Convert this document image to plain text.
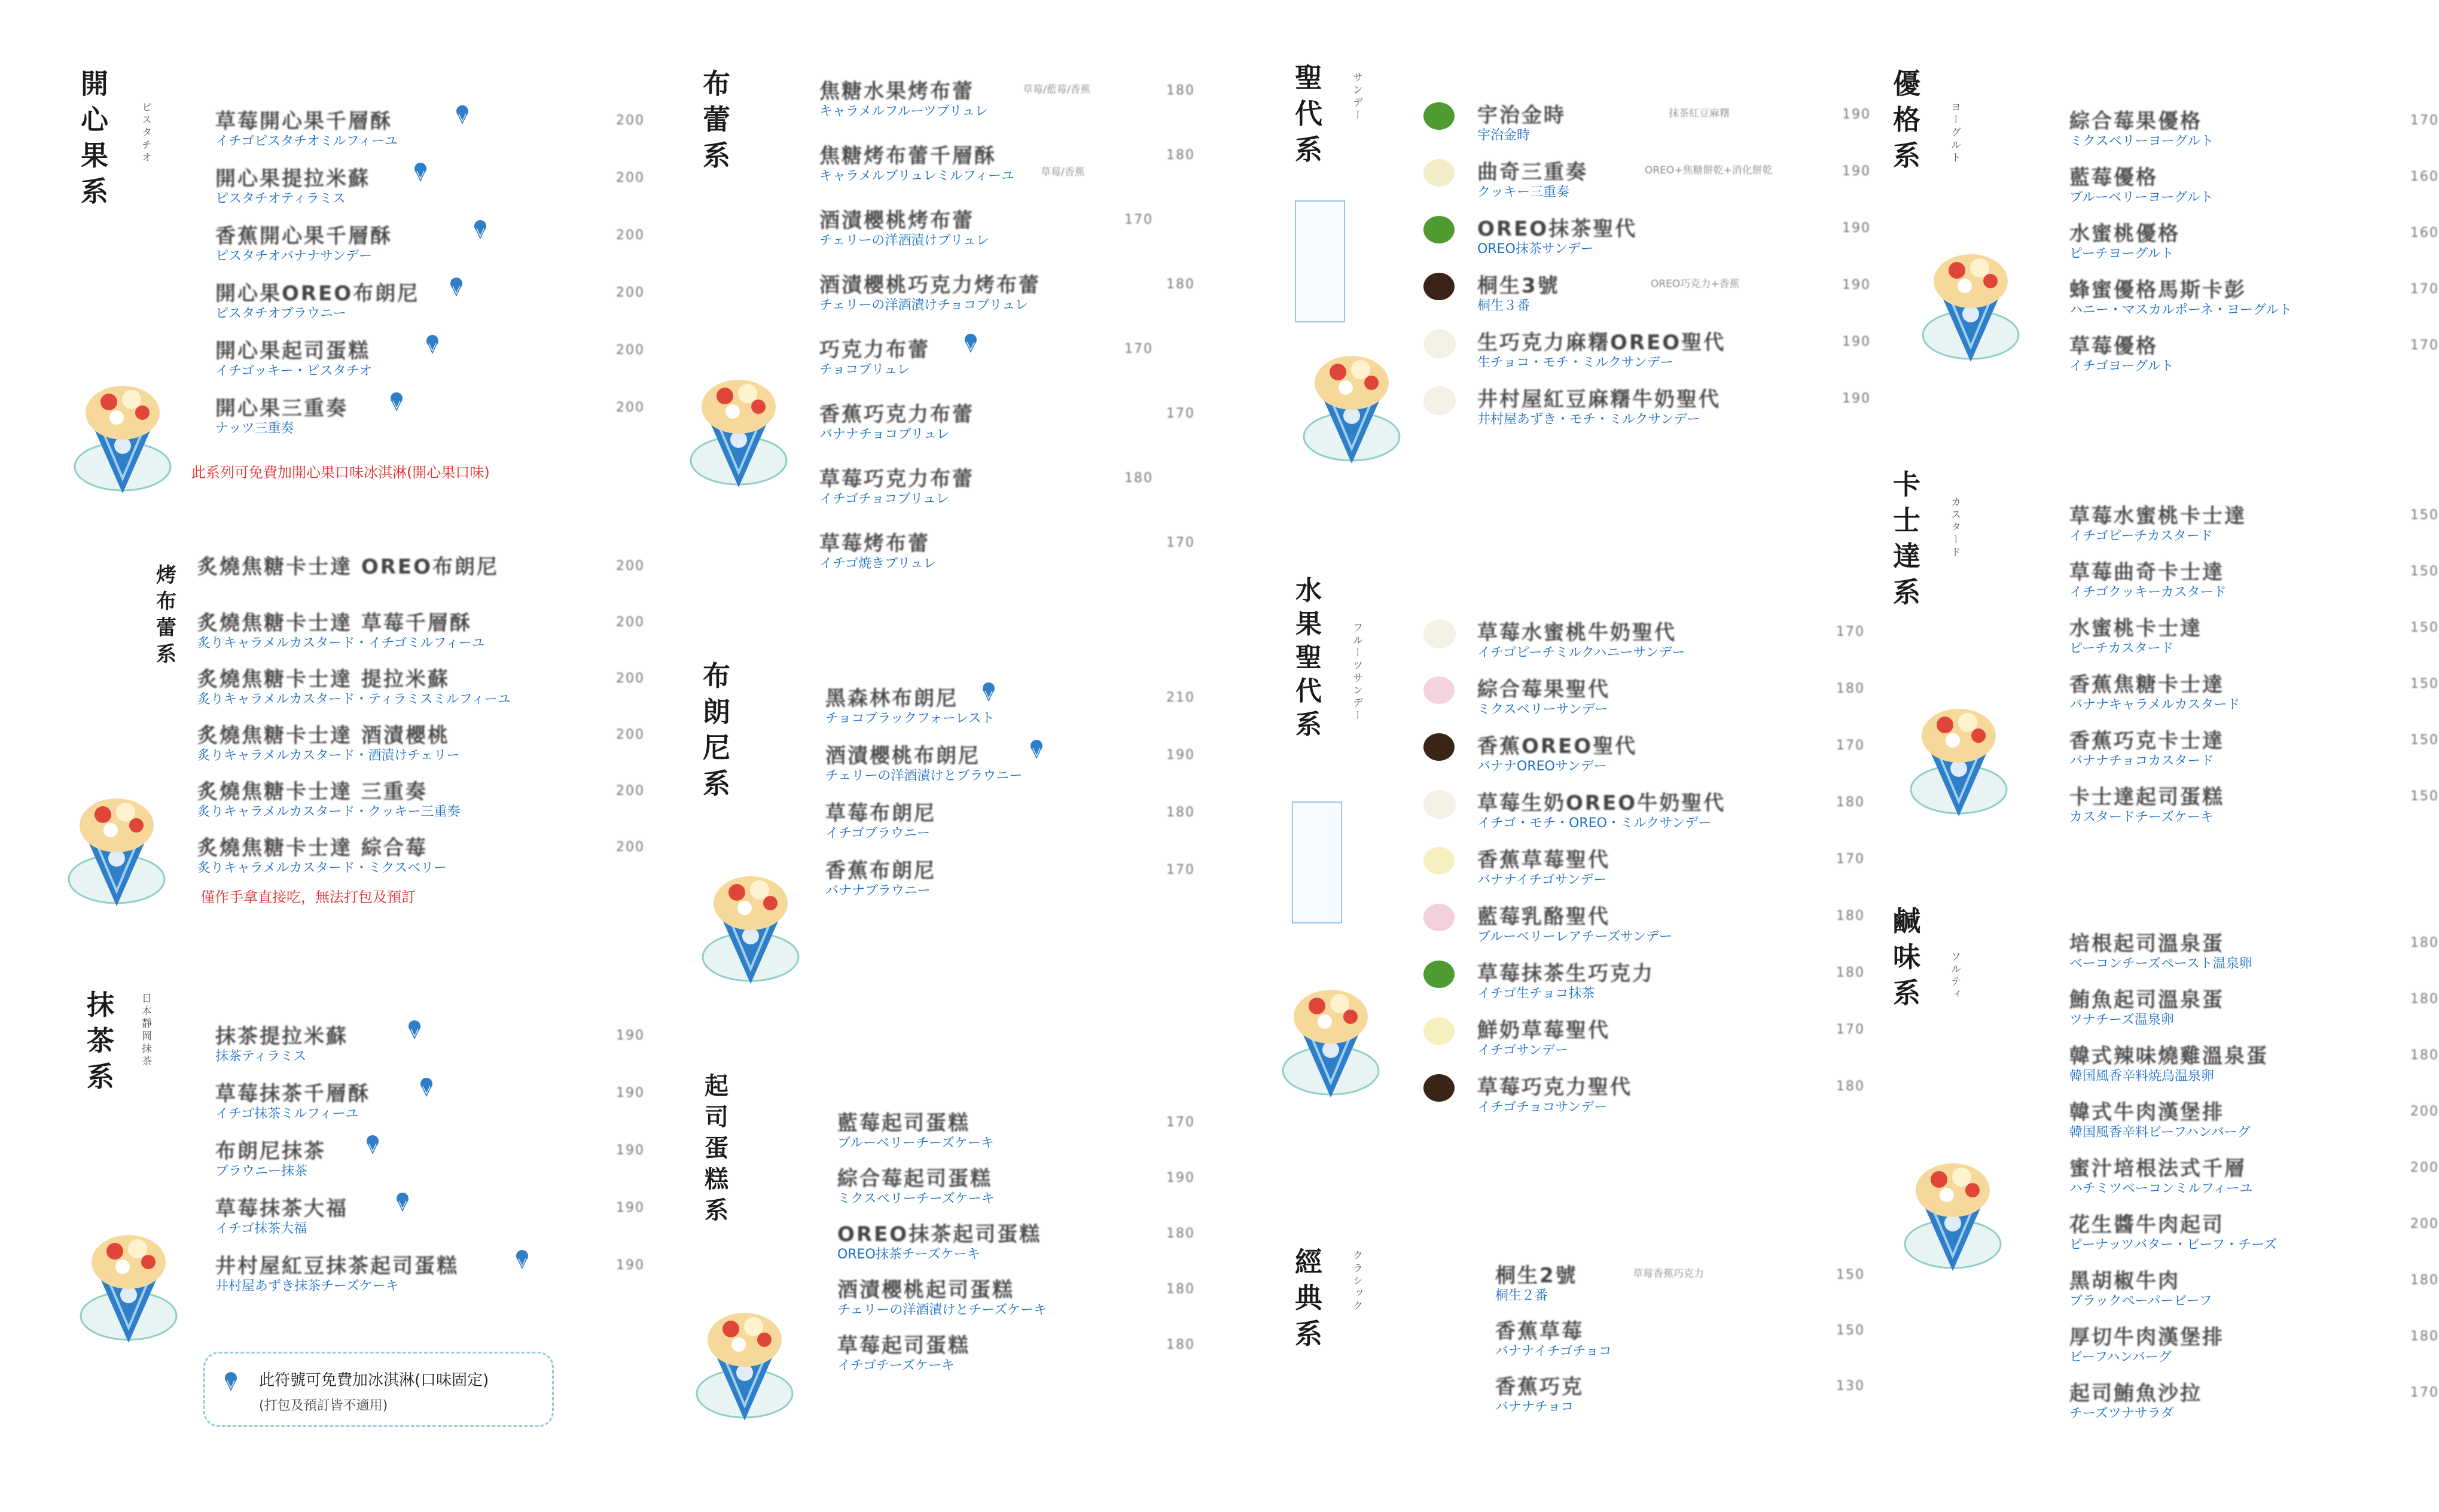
開
心
果
系
ピスタチオ	草莓開心果千層酥
イチゴピスタチオミルフィーユ
200
開心果提拉米蘇
ピスタチオティラミス
200
香蕉開心果千層酥
ピスタチオバナナサンデー
200
開心果OREO布朗尼
ピスタチオブラウニー
200
開心果起司蛋糕
イチゴッキー・ピスタチオ
200
開心果三重奏
ナッツ三重奏
200
此系列可免費加開心果口味冰淇淋(開心果口味)
烤
布
蕾
系
炙燒焦糖卡士達 OREO布朗尼	200
炙燒焦糖卡士達 草莓千層酥
炙りキャラメルカスタード・イチゴミルフィーユ
200
炙燒焦糖卡士達 提拉米蘇
炙りキャラメルカスタード・ティラミスミルフィーユ
200
炙燒焦糖卡士達 酒漬櫻桃
炙りキャラメルカスタード・酒漬けチェリー
200
炙燒焦糖卡士達 三重奏
炙りキャラメルカスタード・クッキー三重奏
200
炙燒焦糖卡士達 綜合莓
炙りキャラメルカスタード・ミクスベリー
200
僅作手拿直接吃，無法打包及預訂
抹
茶
系
日本靜岡抹茶	抹茶提拉米蘇
抹茶ティラミス
190
草莓抹茶千層酥
イチゴ抹茶ミルフィーユ
190
布朗尼抹茶
ブラウニー抹茶
190
草莓抹茶大福
イチゴ抹茶大福
190
井村屋紅豆抹茶起司蛋糕
井村屋あずき抹茶チーズケーキ
190
此符號可免費加冰淇淋(口味固定)
(打包及預訂皆不適用)
布
蕾
系
焦糖水果烤布蕾	草莓/藍莓/香蕉
キャラメルフルーツブリュレ
180
焦糖烤布蕾千層酥
草莓/香蕉
キャラメルブリュレミルフィーユ
180
酒漬櫻桃烤布蕾
チェリーの洋酒漬けブリュレ
170
酒漬櫻桃巧克力烤布蕾
チェリーの洋酒漬けチョコブリュレ
180
巧克力布蕾
チョコブリュレ
170
香蕉巧克力布蕾
バナナチョコブリュレ
170
草莓巧克力布蕾
イチゴチョコブリュレ
180
草莓烤布蕾
イチゴ焼きブリュレ
170
布
朗
尼
系
黑森林布朗尼
チョコブラックフォーレスト
210
酒漬櫻桃布朗尼
チェリーの洋酒漬けとブラウニー
190
草莓布朗尼
イチゴブラウニー
180
香蕉布朗尼
バナナブラウニー
170
起
司
蛋
糕
系
藍莓起司蛋糕
ブルーベリーチーズケーキ
170
綜合莓起司蛋糕
ミクスベリーチーズケーキ
190
OREO抹茶起司蛋糕
OREO抹茶チーズケーキ
180
酒漬櫻桃起司蛋糕
チェリーの洋酒漬けとチーズケーキ
180
草莓起司蛋糕
イチゴチーズケーキ
180
聖
代
系
サンデー	宇治金時	抹茶紅豆麻糬
宇治金時
190
曲奇三重奏	OREO+焦糖餅乾+消化餅乾
クッキー三重奏
190
OREO抹茶聖代
OREO抹茶サンデー
190
桐生3號	OREO巧克力+香蕉
桐生３番
190
生巧克力麻糬OREO聖代
生チョコ・モチ・ミルクサンデー
190
井村屋紅豆麻糬牛奶聖代
井村屋あずき・モチ・ミルクサンデー
190
水
果
聖
代
系
フルーツサンデー	草莓水蜜桃牛奶聖代
イチゴピーチミルクハニーサンデー
170
綜合莓果聖代
ミクスベリーサンデー
180
香蕉OREO聖代
バナナOREOサンデー
170
草莓生奶OREO牛奶聖代
イチゴ・モチ・OREO・ミルクサンデー
180
香蕉草莓聖代
バナナイチゴサンデー
170
藍莓乳酪聖代
ブルーベリーレアチーズサンデー
180
草莓抹茶生巧克力
イチゴ生チョコ抹茶
180
鮮奶草莓聖代
イチゴサンデー
170
草莓巧克力聖代
イチゴチョコサンデー
180
經
典
系
クラシック	桐生2號	草莓香蕉巧克力
桐生２番
150
香蕉草莓
バナナイチゴチョコ
150
香蕉巧克
バナナチョコ
130
優
格
系	ヨーグルト	綜合莓果優格
ミクスベリーヨーグルト
170
藍莓優格
ブルーベリーヨーグルト
160
水蜜桃優格
ピーチヨーグルト
160
蜂蜜優格馬斯卡彭
ハニー・マスカルポーネ・ヨーグルト
170
草莓優格
イチゴヨーグルト
170
卡
士
達
系
カスタード	草莓水蜜桃卡士達
イチゴピーチカスタード
150
草莓曲奇卡士達
イチゴクッキーカスタード
150
水蜜桃卡士達
ピーチカスタード
150
香蕉焦糖卡士達
バナナキャラメルカスタード
150
香蕉巧克卡士達
バナナチョコカスタード
150
卡士達起司蛋糕
カスタードチーズケーキ
150
鹹
味
系	ソルティ
培根起司溫泉蛋
ベーコンチーズペースト温泉卵
180
鮪魚起司溫泉蛋
ツナチーズ温泉卵
180
韓式辣味燒雞溫泉蛋
韓国風香辛料焼鳥温泉卵
180
韓式牛肉漢堡排
韓国風香辛料ビーフハンバーグ
200
蜜汁培根法式千層
ハチミツベーコンミルフィーユ
200
花生醬牛肉起司
ピーナッツバター・ビーフ・チーズ
200
黑胡椒牛肉
ブラックペーパービーフ
180
厚切牛肉漢堡排
ビーフハンバーグ
180
起司鮪魚沙拉
チーズツナサラダ
170
